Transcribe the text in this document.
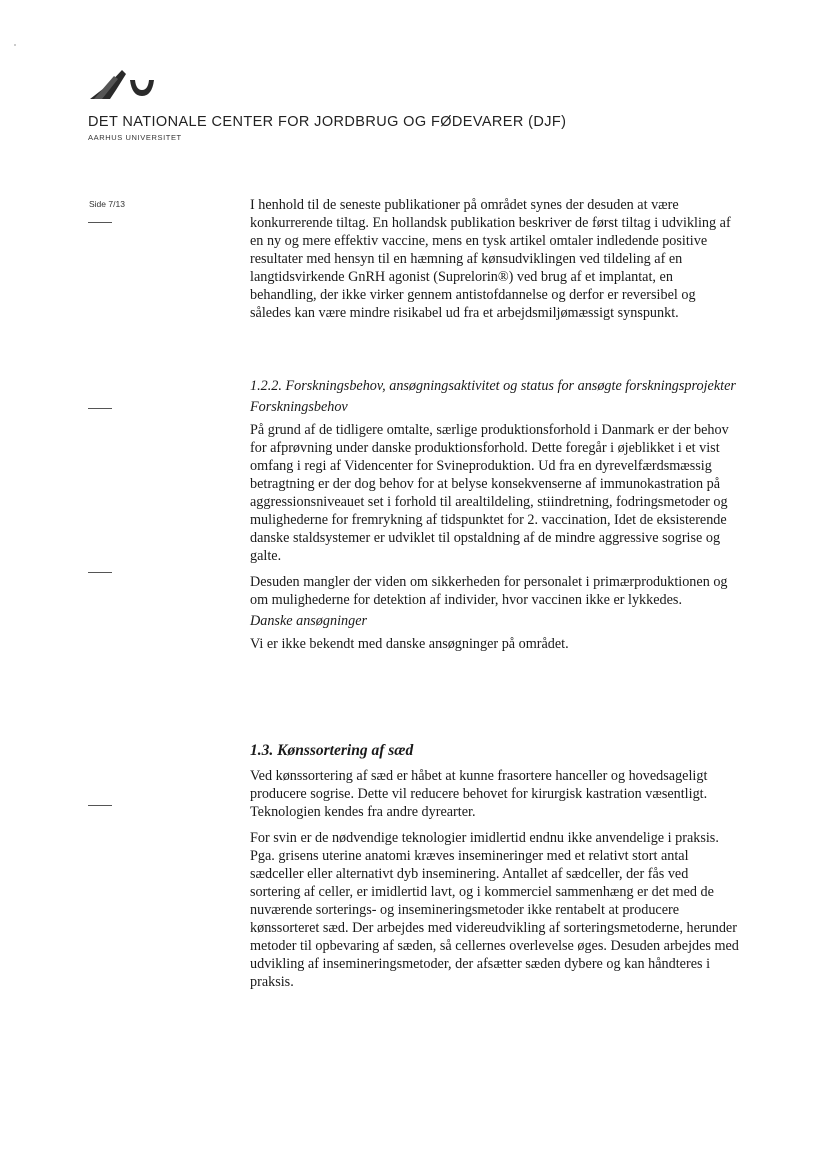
DET NATIONALE CENTER FOR JORDBRUG OG FØDEVARER (DJF)
AARHUS UNIVERSITET
Side 7/13	I henhold til de seneste publikationer på området synes der desuden at være konkurrerende tiltag. En hollandsk publikation beskriver de først tiltag i udvikling af en ny og mere effektiv vaccine, mens en tysk artikel omtaler indledende positive resultater med hensyn til en hæmning af kønsudviklingen ved tildeling af en langtidsvirkende GnRH agonist (Suprelorin®) ved brug af et implantat, en behandling, der ikke virker gennem antistofdannelse og derfor er reversibel og således kan være mindre risikabel ud fra et arbejdsmiljømæssigt synspunkt.

1.2.2. Forskningsbehov, ansøgningsaktivitet og status for ansøgte forskningsprojekter

Forskningsbehov

På grund af de tidligere omtalte, særlige produktionsforhold i Danmark er der behov for afprøvning under danske produktionsforhold. Dette foregår i øjeblikket i et vist omfang i regi af Videncenter for Svineproduktion. Ud fra en dyrevelfærdsmæssig betragtning er der dog behov for at belyse konsekvenserne af immunokastration på aggressionsniveauet set i forhold til arealtildeling, stiindretning, fodringsmetoder og mulighederne for fremrykning af tidspunktet for 2. vaccination, Idet de eksisterende danske staldsystemer er udviklet til opstaldning af de mindre aggressive sogrise og galte.

Desuden mangler der viden om sikkerheden for personalet i primærproduktionen og om mulighederne for detektion af individer, hvor vaccinen ikke er lykkedes.

Danske ansøgninger

Vi er ikke bekendt med danske ansøgninger på området.

1.3. Kønssortering af sæd

Ved kønssortering af sæd er håbet at kunne frasortere hanceller og hovedsageligt producere sogrise. Dette vil reducere behovet for kirurgisk kastration væsentligt. Teknologien kendes fra andre dyrearter.

For svin er de nødvendige teknologier imidlertid endnu ikke anvendelige i praksis. Pga. grisens uterine anatomi kræves insemineringer med et relativt stort antal sædceller eller alternativt dyb inseminering. Antallet af sædceller, der fås ved sortering af celler, er imidlertid lavt, og i kommerciel sammenhæng er det med de nuværende sorterings- og insemineringsmetoder ikke rentabelt at producere kønssorteret sæd. Der arbejdes med videreudvikling af sorteringsmetoderne, herunder metoder til opbevaring af sæden, så cellernes overlevelse øges. Desuden arbejdes med udvikling af insemineringsmetoder, der afsætter sæden dybere og kan håndteres i praksis.
